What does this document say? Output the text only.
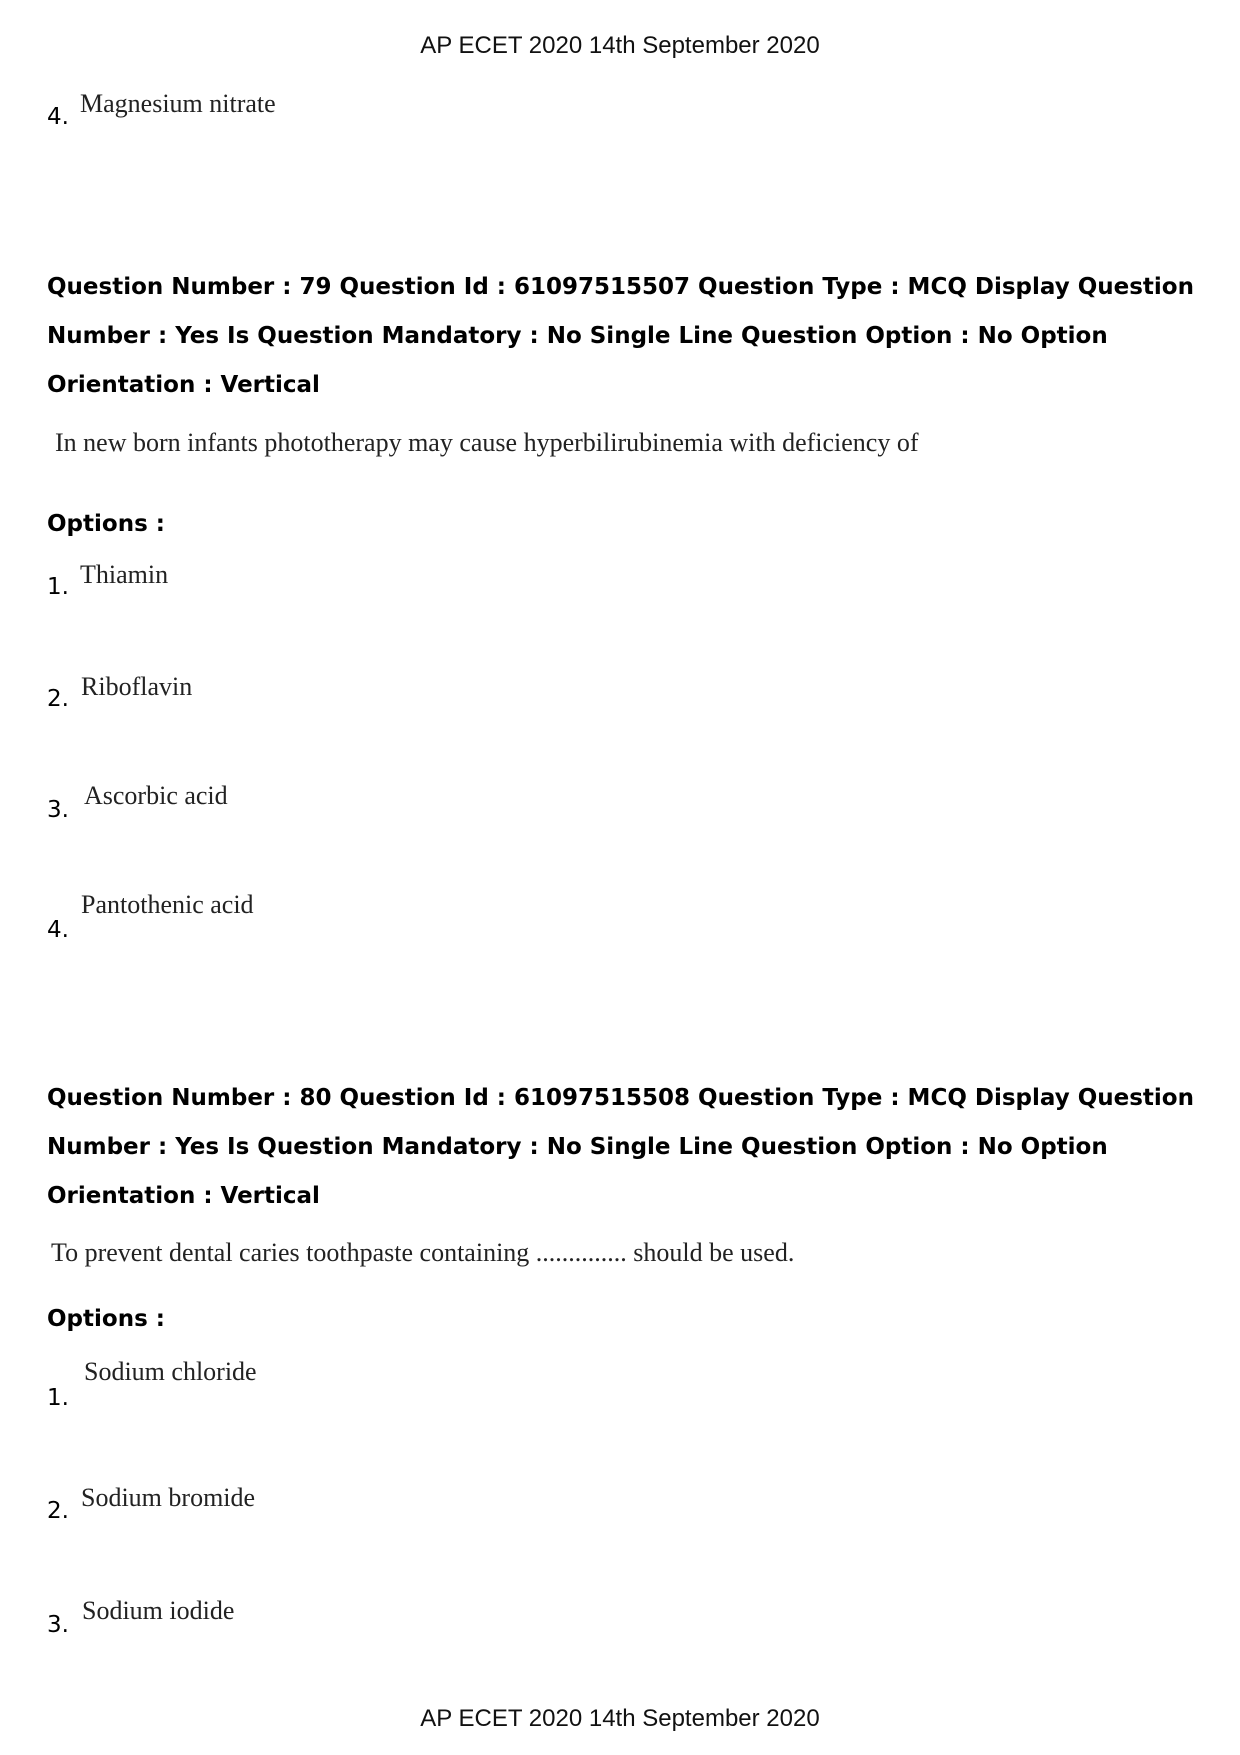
AP ECET 2020 14th September 2020
4. Magnesium nitrate
Question Number : 79 Question Id : 61097515507 Question Type : MCQ Display Question Number : Yes Is Question Mandatory : No Single Line Question Option : No Option Orientation : Vertical
In new born infants phototherapy may cause hyperbilirubinemia with deficiency of
Options :
1. Thiamin
2. Riboflavin
3. Ascorbic acid
4.
Pantothenic acid
Question Number : 80 Question Id : 61097515508 Question Type : MCQ Display Question Number : Yes Is Question Mandatory : No Single Line Question Option : No Option Orientation : Vertical
To prevent dental caries toothpaste containing .............. should be used.
Options :
1.
Sodium chloride
2. Sodium bromide
3. Sodium iodide
AP ECET 2020 14th September 2020
